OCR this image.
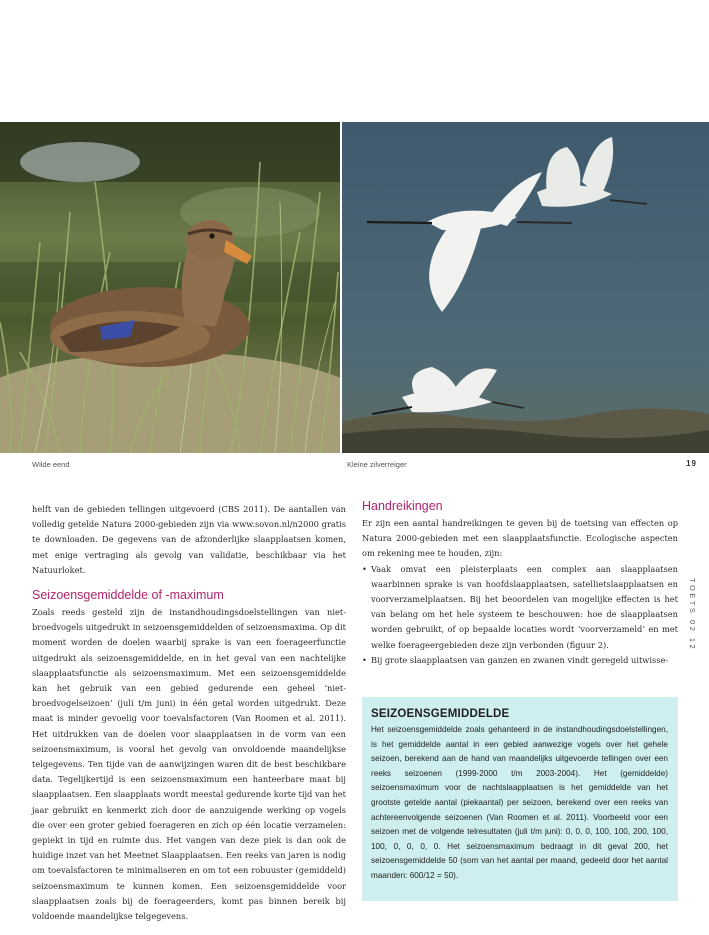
Wilde eend	Kleine zilverreiger	19

helft van de gebieden tellingen uitgevoerd (CBS 2011). De aantallen van volledig getelde Natura 2000-gebieden zijn via www.sovon.nl/n2000 gratis te downloaden. De gegevens van de afzonderlijke slaapplaatsen komen, met enige vertraging als gevolg van validatie, beschikbaar via het Natuurloket.

Seizoensgemiddelde of -maximum

Zoals reeds gesteld zijn de instandhoudingsdoelstellingen van niet-broedvogels uitgedrukt in seizoensgemiddelden of seizoensmaxima. Op dit moment worden de doelen waarbij sprake is van een foerageerfunctie uitgedrukt als seizoensgemiddelde, en in het geval van een nachtelijke slaapplaatsfunctie als seizoensmaximum. Met een seizoensgemiddelde kan het gebruik van een gebied gedurende een geheel ‘niet-broedvogelseizoen’ (juli t/m juni) in één getal worden uitgedrukt. Deze maat is minder gevoelig voor toevalsfactoren (Van Roomen et al. 2011). Het uitdrukken van de doelen voor slaapplaatsen in de vorm van een seizoensmaximum, is vooral het gevolg van onvoldoende maandelijkse telgegevens. Ten tijde van de aanwijzingen waren dit de best beschikbare data. Tegelijkertijd is een seizoensmaximum een hanteerbare maat bij slaapplaatsen. Een slaapplaats wordt meestal gedurende korte tijd van het jaar gebruikt en kenmerkt zich door de aanzuigende werking op vogels die over een groter gebied foerageren en zich op één locatie verzamelen: gepiekt in tijd en ruimte dus. Het vangen van deze piek is dan ook de huidige inzet van het Meetnet Slaapplaatsen. Een reeks van jaren is nodig om toevalsfactoren te minimaliseren en om tot een robuuster (gemiddeld) seizoensmaximum te kunnen komen. Een seizoensgemiddelde voor slaapplaatsen zoals bij de foerageerders, komt pas binnen bereik bij voldoende maandelijkse telgegevens.

Handreikingen

Er zijn een aantal handreikingen te geven bij de toetsing van effecten op Natura 2000-gebieden met een slaapplaatsfunctie. Ecologische aspecten om rekening mee te houden, zijn:

• Vaak omvat een pleisterplaats een complex aan slaapplaatsen waarbinnen sprake is van hoofdslaapplaatsen, satellietslaapplaatsen en voorverzamelplaatsen. Bij het beoordelen van mogelijke effecten is het van belang om het hele systeem te beschouwen: hoe de slaapplaatsen worden gebruikt, of op bepaalde locaties wordt ‘voorverzameld’ en met welke foerageergebieden deze zijn verbonden (figuur 2).
• Bij grote slaapplaatsen van ganzen en zwanen vindt geregeld uitwisse-
TOETS 02 12
SEIZOENSGEMIDDELDE

Het seizoensgemiddelde zoals gehanteerd in de instandhoudingsdoelstellingen, is het gemiddelde aantal in een gebied aanwezige vogels over het gehele seizoen, berekend aan de hand van maandelijks uitgevoerde tellingen over een reeks seizoenen (1999-2000 t/m 2003-2004). Het (gemiddelde) seizoensmaximum voor de nachtslaapplaatsen is het gemiddelde van het grootste getelde aantal (piekaantal) per seizoen, berekend over een reeks van achtereenvolgende seizoenen (Van Roomen et al. 2011). Voorbeeld voor een seizoen met de volgende telresultaten (juli t/m juni): 0, 0, 0, 100, 100, 200, 100, 100, 0, 0, 0, 0. Het seizoensmaximum bedraagt in dit geval 200, het seizoensgemiddelde 50 (som van het aantal per maand, gedeeld door het aantal maanden: 600/12 = 50).
